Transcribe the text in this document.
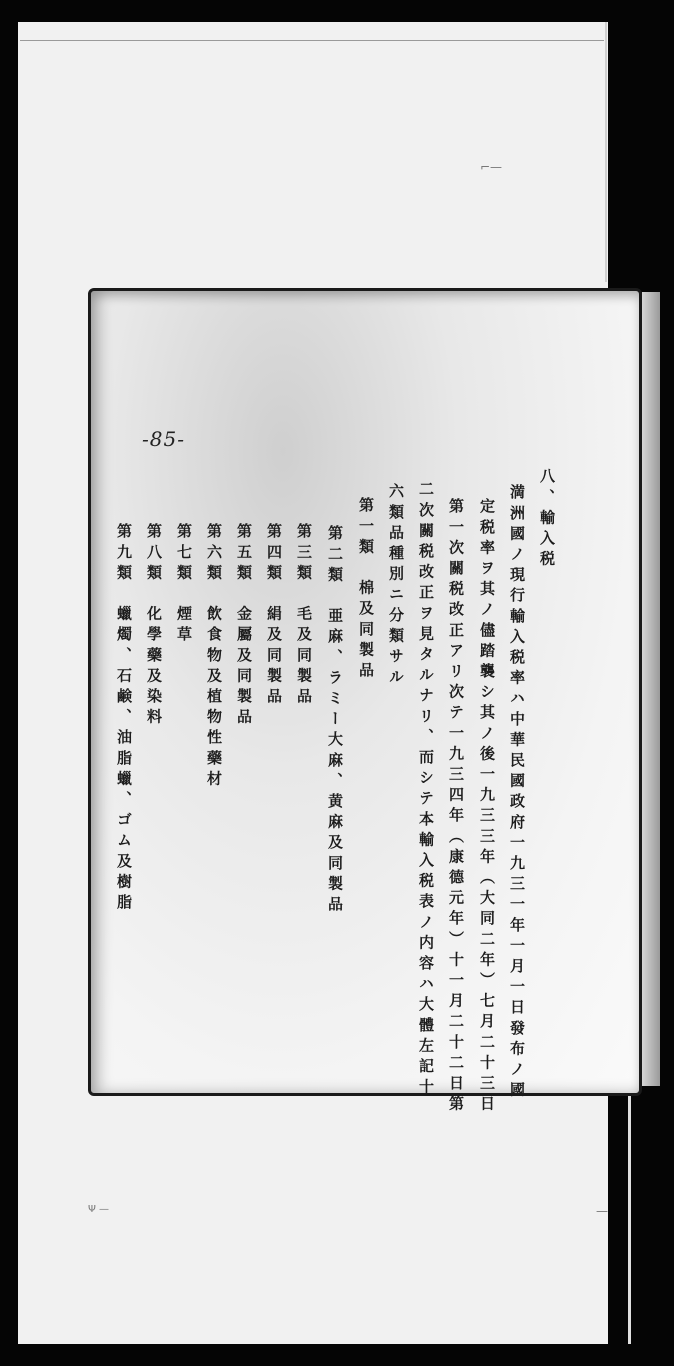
八、輸入税
満洲國ノ現行輸入税率ハ中華民國政府一九三一年一月一日發布ノ國
定税率ヲ其ノ儘踏襲シ其ノ後一九三三年（大同二年）七月二十三日
第一次關税改正アリ次テ一九三四年（康德元年）十一月二十二日第
二次關税改正ヲ見タルナリ、而シテ本輸入税表ノ内容ハ大體左記十
六類品種別ニ分類サル
第一類　棉及同製品
第二類　亜麻、ラミー大麻、黄麻及同製品
第三類　毛及同製品
第四類　絹及同製品
第五類　金屬及同製品
第六類　飲食物及植物性藥材
第七類　煙草
第八類　化學藥及染料
第九類　蠟燭、石鹸、油脂蠟、ゴム及樹脂
-85-
⌐—
Ψ —	—
